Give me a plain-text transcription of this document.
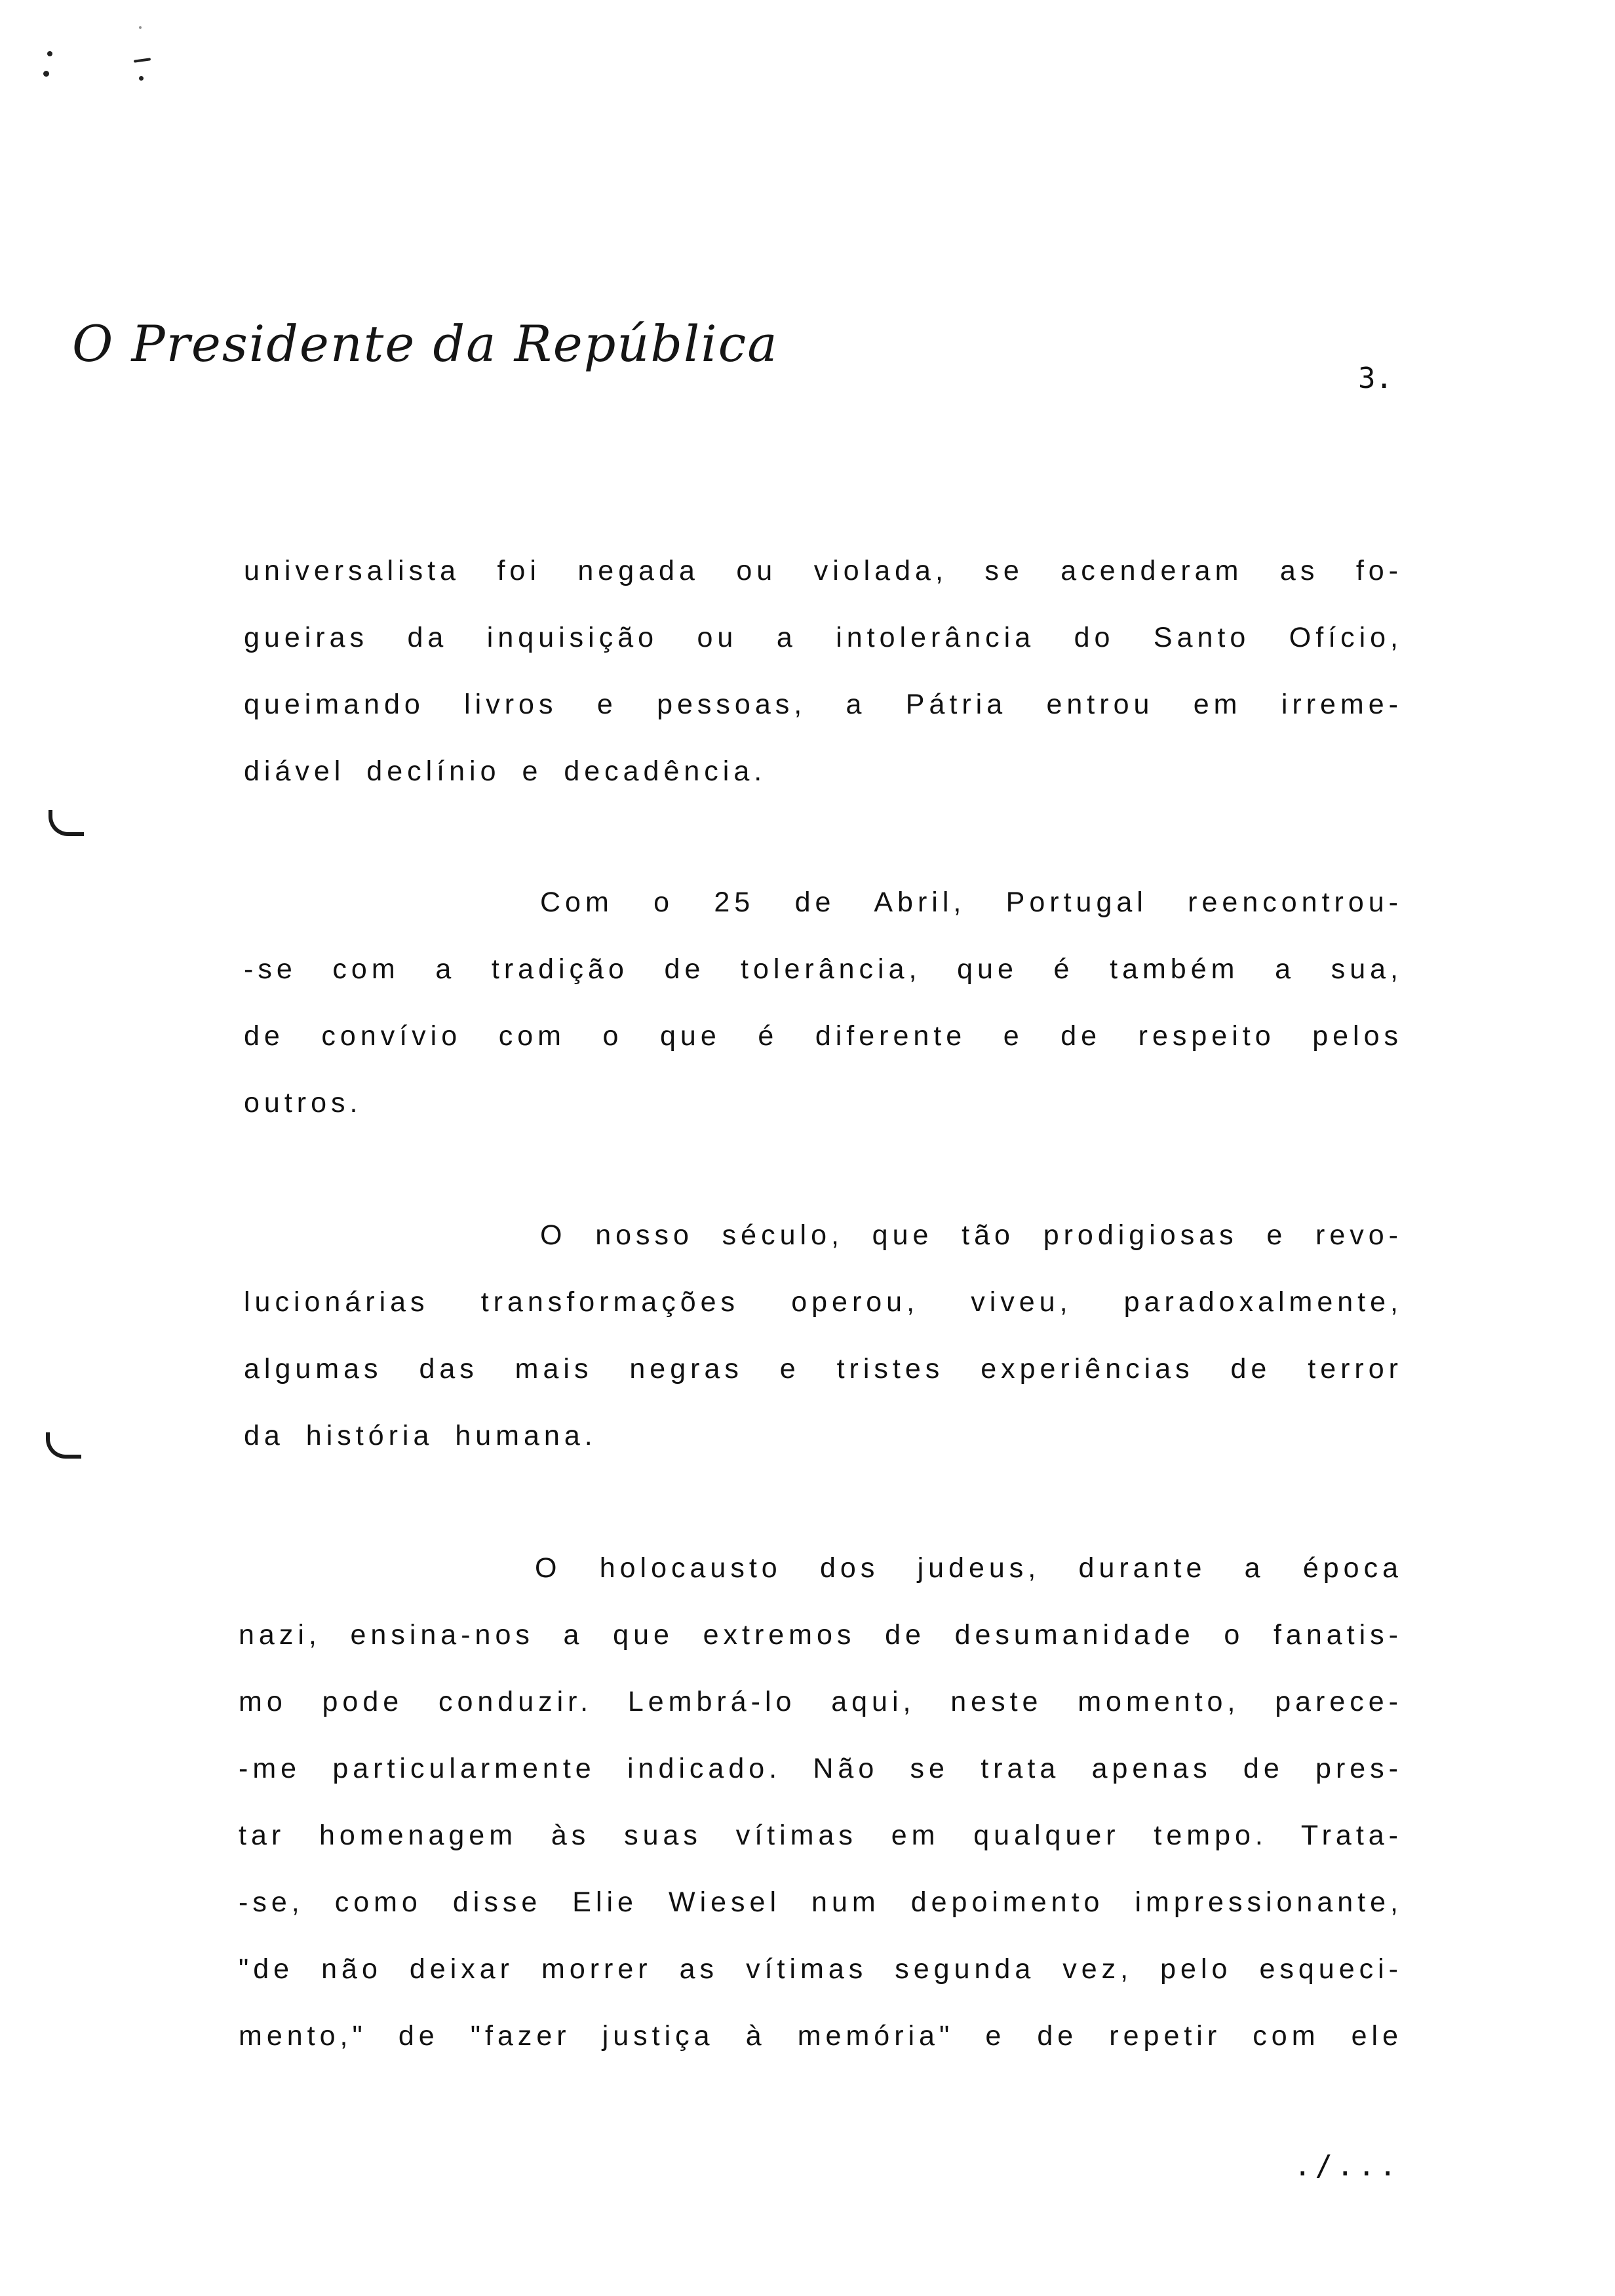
O Presidente da República
3.
universalista foi negada ou violada, se acenderam as fo-
gueiras da inquisição ou a intolerância do Santo Ofício,
queimando livros e pessoas, a Pátria entrou em irreme-
diável declínio e decadência.
Com o 25 de Abril, Portugal reencontrou-
-se com a tradição de tolerância, que é também a sua,
de convívio com o que é diferente e de respeito pelos
outros.
O nosso século, que tão prodigiosas e revo-
lucionárias transformações operou, viveu, paradoxalmente,
algumas das mais negras e tristes experiências de terror
da história humana.
O holocausto dos judeus, durante a época
nazi, ensina-nos a que extremos de desumanidade o fanatis-
mo pode conduzir. Lembrá-lo aqui, neste momento, parece-
-me particularmente indicado. Não se trata apenas de pres-
tar homenagem às suas vítimas em qualquer tempo. Trata-
-se, como disse Elie Wiesel num depoimento impressionante,
"de não deixar morrer as vítimas segunda vez, pelo esqueci-
mento," de "fazer justiça à memória" e de repetir com ele
./...
